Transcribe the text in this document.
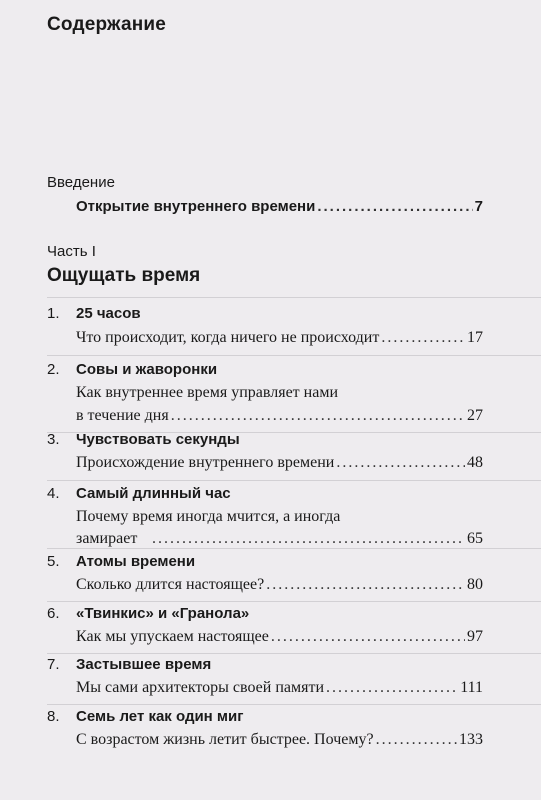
Содержание
Введение
Открытие внутреннего времени .....	7
Часть I
Ощущать время
1. 25 часов
Что происходит, когда ничего не происходит .....	17
2. Совы и жаворонки
Как внутреннее время управляет нами
в течение дня .....	27
3. Чувствовать секунды
Происхождение внутреннего времени .....	48
4. Самый длинный час
Почему время иногда мчится, а иногда
замирает .....	65
5. Атомы времени
Сколько длится настоящее? .....	80
6. «Твинкис» и «Гранола»
Как мы упускаем настоящее .....	97
7. Застывшее время
Мы сами архитекторы своей памяти .....	111
8. Семь лет как один миг
С возрастом жизнь летит быстрее. Почему? .....	133
